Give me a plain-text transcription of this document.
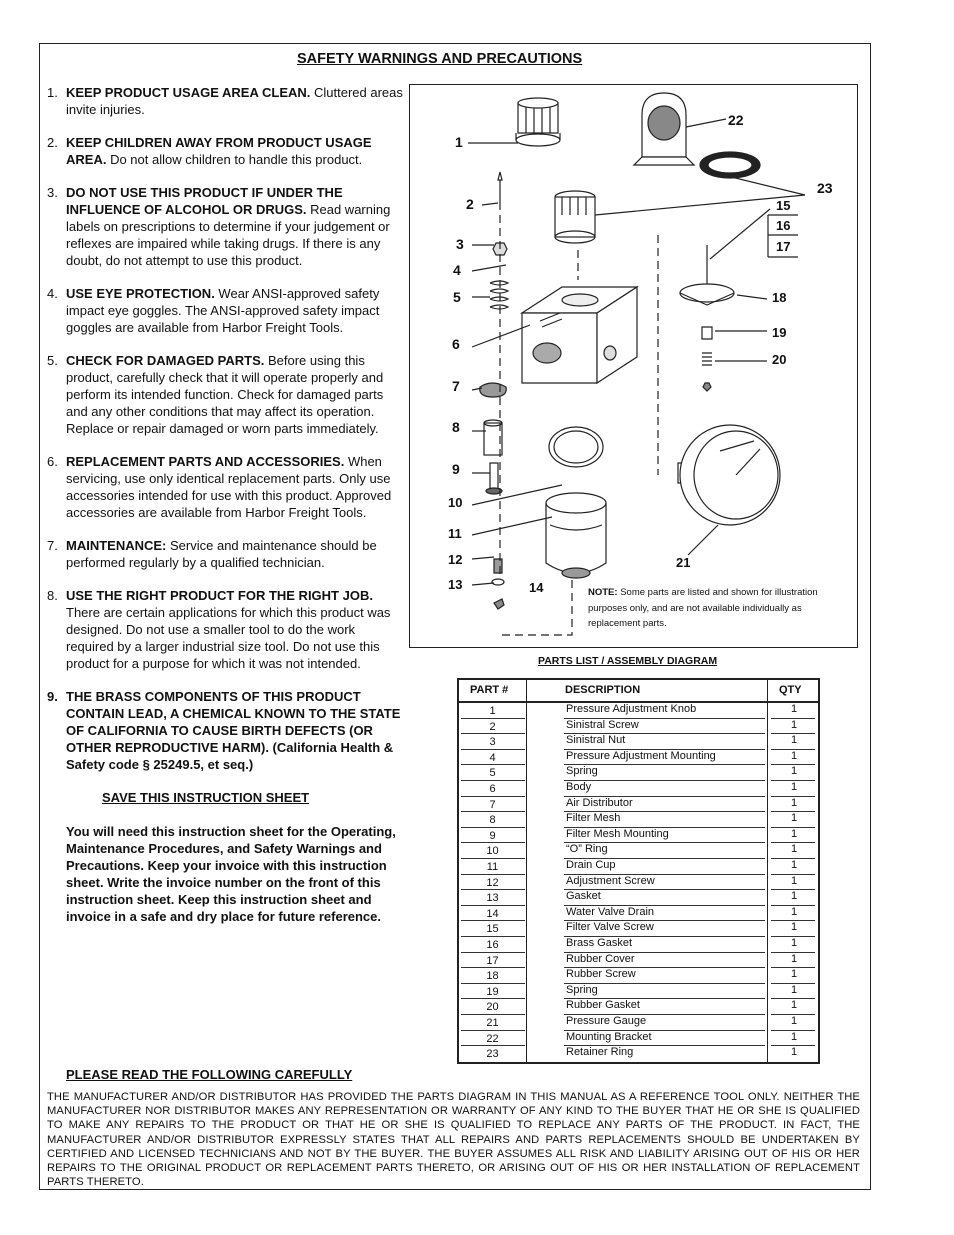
SAFETY WARNINGS AND PRECAUTIONS
1. KEEP PRODUCT USAGE AREA CLEAN. Cluttered areas invite injuries.
2. KEEP CHILDREN AWAY FROM PRODUCT USAGE AREA. Do not allow children to handle this product.
3. DO NOT USE THIS PRODUCT IF UNDER THE INFLUENCE OF ALCOHOL OR DRUGS. Read warning labels on prescriptions to determine if your judgement or reflexes are impaired while taking drugs. If there is any doubt, do not attempt to use this product.
4. USE EYE PROTECTION. Wear ANSI-approved safety impact eye goggles. The ANSI-approved safety impact goggles are available from Harbor Freight Tools.
5. CHECK FOR DAMAGED PARTS. Before using this product, carefully check that it will operate properly and perform its intended function. Check for damaged parts and any other conditions that may affect its operation. Replace or repair damaged or worn parts immediately.
6. REPLACEMENT PARTS AND ACCESSORIES. When servicing, use only identical replacement parts. Only use accessories intended for use with this product. Approved accessories are available from Harbor Freight Tools.
7. MAINTENANCE: Service and maintenance should be performed regularly by a qualified technician.
8. USE THE RIGHT PRODUCT FOR THE RIGHT JOB. There are certain applications for which this product was designed. Do not use a smaller tool to do the work required by a larger industrial size tool. Do not use this product for a purpose for which it was not intended.
9. THE BRASS COMPONENTS OF THIS PRODUCT CONTAIN LEAD, A CHEMICAL KNOWN TO THE STATE OF CALIFORNIA TO CAUSE BIRTH DEFECTS (OR OTHER REPRODUCTIVE HARM). (California Health & Safety code § 25249.5, et seq.)
SAVE THIS INSTRUCTION SHEET
You will need this instruction sheet for the Operating, Maintenance Procedures, and Safety Warnings and Precautions. Keep your invoice with this instruction sheet. Write the invoice number on the front of this instruction sheet. Keep this instruction sheet and invoice in a safe and dry place for future reference.
PLEASE READ THE FOLLOWING CAREFULLY
THE MANUFACTURER AND/OR DISTRIBUTOR HAS PROVIDED THE PARTS DIAGRAM IN THIS MANUAL AS A REFERENCE TOOL ONLY. NEITHER THE MANUFACTURER NOR DISTRIBUTOR MAKES ANY REPRESENTATION OR WARRANTY OF ANY KIND TO THE BUYER THAT HE OR SHE IS QUALIFIED TO MAKE ANY REPAIRS TO THE PRODUCT OR THAT HE OR SHE IS QUALIFIED TO REPLACE ANY PARTS OF THE PRODUCT. IN FACT, THE MANUFACTURER AND/OR DISTRIBUTOR EXPRESSLY STATES THAT ALL REPAIRS AND PARTS REPLACEMENTS SHOULD BE UNDERTAKEN BY CERTIFIED AND LICENSED TECHNICIANS AND NOT BY THE BUYER. THE BUYER ASSUMES ALL RISK AND LIABILITY ARISING OUT OF HIS OR HER REPAIRS TO THE ORIGINAL PRODUCT OR REPLACEMENT PARTS THERETO, OR ARISING OUT OF HIS OR HER INSTALLATION OF REPLACEMENT PARTS THERETO.
1
2
3
4
5
6
7
8
9
10
11
12
13	14
15
16
17
18
19
20
21
22
23
NOTE: Some parts are listed and shown for illustration purposes only, and are not available individually as replacement parts.
PARTS LIST / ASSEMBLY DIAGRAM
PART #	DESCRIPTION	QTY
1	Pressure Adjustment Knob	1
2	Sinistral Screw	1
3	Sinistral Nut	1
4	Pressure Adjustment Mounting	1
5	Spring	1
6	Body	1
7	Air Distributor	1
8	Filter Mesh	1
9	Filter Mesh Mounting	1
10	“O” Ring	1
11	Drain Cup	1
12	Adjustment Screw	1
13	Gasket	1
14	Water Valve Drain	1
15	Filter Valve Screw	1
16	Brass Gasket	1
17	Rubber Cover	1
18	Rubber Screw	1
19	Spring	1
20	Rubber Gasket	1
21	Pressure Gauge	1
22	Mounting Bracket	1
23	Retainer Ring	1
